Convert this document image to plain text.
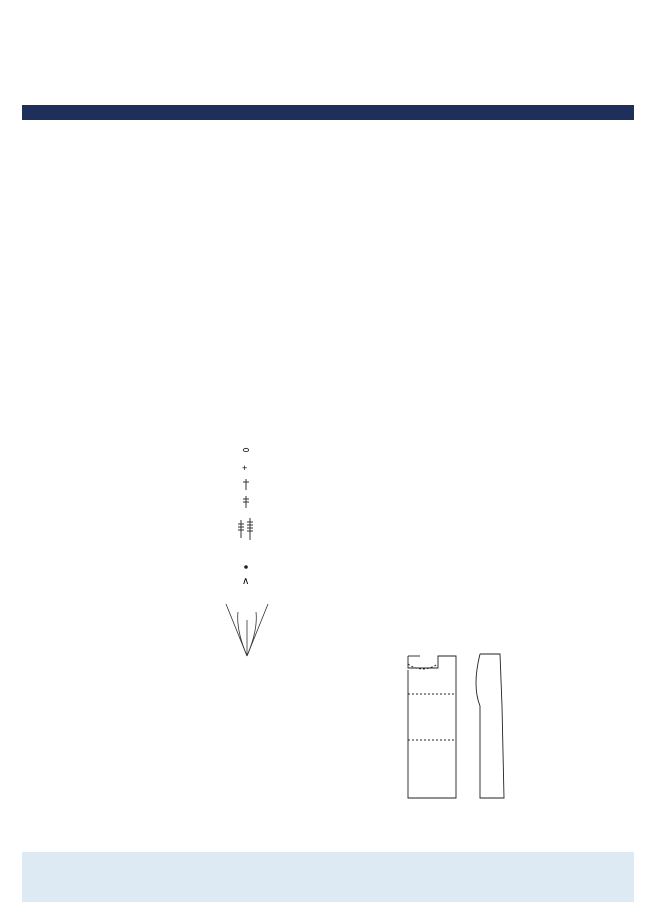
+
∧
